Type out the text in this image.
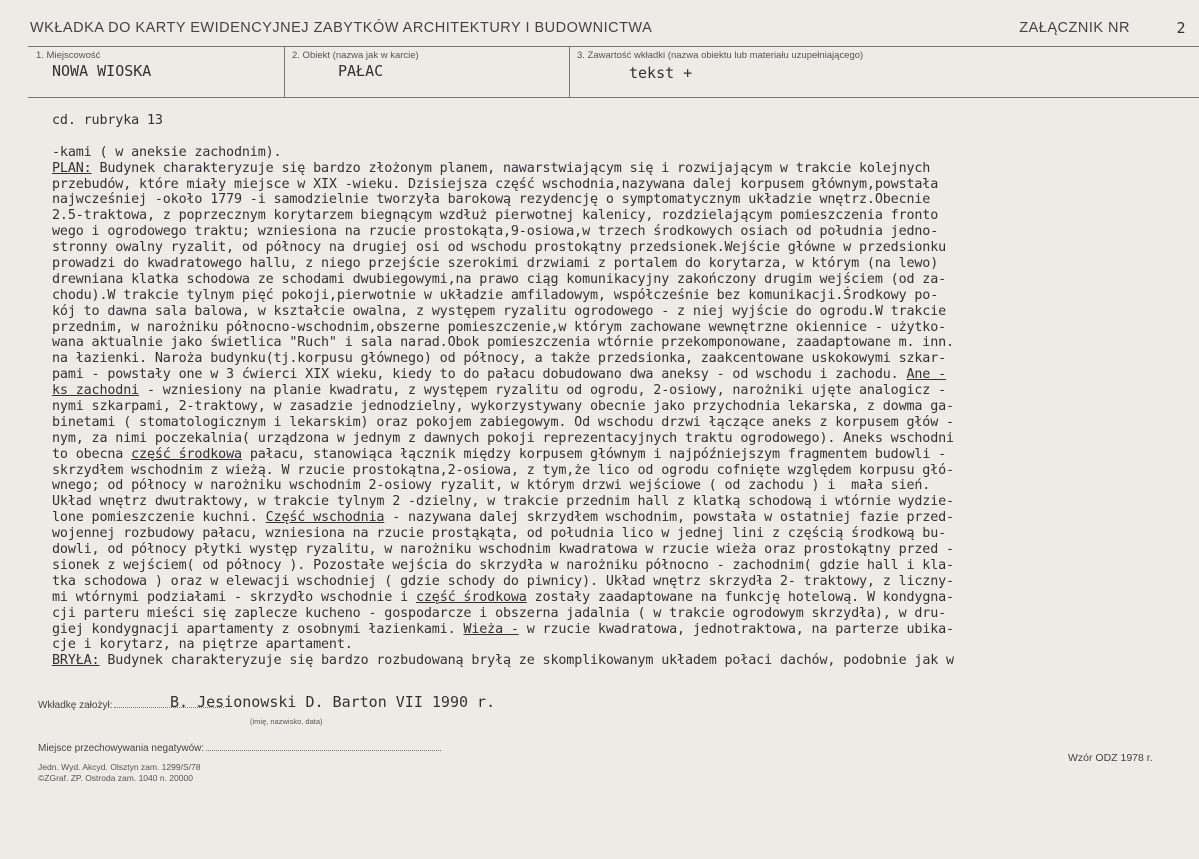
WKŁADKA DO KARTY EWIDENCYJNEJ ZABYTKÓW ARCHITEKTURY I BUDOWNICTWA	ZAŁĄCZNIK NR	2
1. Miejscowość
NOWA WIOSKA
2. Obiekt (nazwa jak w karcie)
PAŁAC
3. Zawartość wkładki (nazwa obiektu lub materiału uzupełniającego)
tekst +
cd. rubryka 13
-kami ( w aneksie zachodnim).
PLAN: Budynek charakteryzuje się bardzo złożonym planem, nawarstwiającym się i rozwijającym w trakcie kolejnych
przebudów, które miały miejsce w XIX -wieku. Dzisiejsza część wschodnia,nazywana dalej korpusem głównym,powstała
najwcześniej -około 1779 -i samodzielnie tworzyła barokową rezydencję o symptomatycznym układzie wnętrz.Obecnie
2.5-traktowa, z poprzecznym korytarzem biegnącym wzdłuż pierwotnej kalenicy, rozdzielającym pomieszczenia fronto
wego i ogrodowego traktu; wzniesiona na rzucie prostokąta,9-osiowa,w trzech środkowych osiach od południa jedno-
stronny owalny ryzalit, od północy na drugiej osi od wschodu prostokątny przedsionek.Wejście główne w przedsionku
prowadzi do kwadratowego hallu, z niego przejście szerokimi drzwiami z portalem do korytarza, w którym (na lewo)
drewniana klatka schodowa ze schodami dwubiegowymi,na prawo ciąg komunikacyjny zakończony drugim wejściem (od za-
chodu).W trakcie tylnym pięć pokoji,pierwotnie w układzie amfiladowym, współcześnie bez komunikacji.Środkowy po-
kój to dawna sala balowa, w kształcie owalna, z występem ryzalitu ogrodowego - z niej wyjście do ogrodu.W trakcie
przednim, w narożniku północno-wschodnim,obszerne pomieszczenie,w którym zachowane wewnętrzne okiennice - użytko-
wana aktualnie jako świetlica "Ruch" i sala narad.Obok pomieszczenia wtórnie przekomponowane, zaadaptowane m. inn.
na łazienki. Naroża budynku(tj.korpusu głównego) od północy, a także przedsionka, zaakcentowane uskokowymi szkar-
pami - powstały one w 3 ćwierci XIX wieku, kiedy to do pałacu dobudowano dwa aneksy - od wschodu i zachodu. Ane -
ks zachodni - wzniesiony na planie kwadratu, z występem ryzalitu od ogrodu, 2-osiowy, narożniki ujęte analogicz -
nymi szkarpami, 2-traktowy, w zasadzie jednodzielny, wykorzystywany obecnie jako przychodnia lekarska, z dowma ga-
binetami ( stomatologicznym i lekarskim) oraz pokojem zabiegowym. Od wschodu drzwi łączące aneks z korpusem głów -
nym, za nimi poczekalnia( urządzona w jednym z dawnych pokoji reprezentacyjnych traktu ogrodowego). Aneks wschodni
to obecna część środkowa pałacu, stanowiąca łącznik między korpusem głównym i najpóźniejszym fragmentem budowli -
skrzydłem wschodnim z wieżą. W rzucie prostokątna,2-osiowa, z tym,że lico od ogrodu cofnięte względem korpusu głó-
wnego; od północy w narożniku wschodnim 2-osiowy ryzalit, w którym drzwi wejściowe ( od zachodu ) i  mała sień.
Układ wnętrz dwutraktowy, w trakcie tylnym 2 -dzielny, w trakcie przednim hall z klatką schodową i wtórnie wydzie-
lone pomieszczenie kuchni. Część wschodnia - nazywana dalej skrzydłem wschodnim, powstała w ostatniej fazie przed-
wojennej rozbudowy pałacu, wzniesiona na rzucie prostąkąta, od południa lico w jednej lini z częścią środkową bu-
dowli, od północy płytki występ ryzalitu, w narożniku wschodnim kwadratowa w rzucie wieża oraz prostokątny przed -
sionek z wejściem( od północy ). Pozostałe wejścia do skrzydła w narożniku północno - zachodnim( gdzie hall i kla-
tka schodowa ) oraz w elewacji wschodniej ( gdzie schody do piwnicy). Układ wnętrz skrzydła 2- traktowy, z liczny-
mi wtórnymi podziałami - skrzydło wschodnie i część środkowa zostały zaadaptowane na funkcję hotelową. W kondygna-
cji parteru mieści się zaplecze kucheno - gospodarcze i obszerna jadalnia ( w trakcie ogrodowym skrzydła), w dru-
giej kondygnacji apartamenty z osobnymi łazienkami. Wieża - w rzucie kwadratowa, jednotraktowa, na parterze ubika-
cje i korytarz, na piętrze apartament.
BRYŁA: Budynek charakteryzuje się bardzo rozbudowaną bryłą ze skomplikowanym układem połaci dachów, podobnie jak w
Wkładkę założył:	B. Jesionowski D. Barton VII 1990 r.
(imię, nazwisko, data)
Miejsce przechowywania negatywów:
Jedn. Wyd. Akcyd. Olsztyn zam. 1299/S/78
©ZGraf. ZP. Ostroda zam. 1040 n. 20000
Wzór ODZ 1978 r.
